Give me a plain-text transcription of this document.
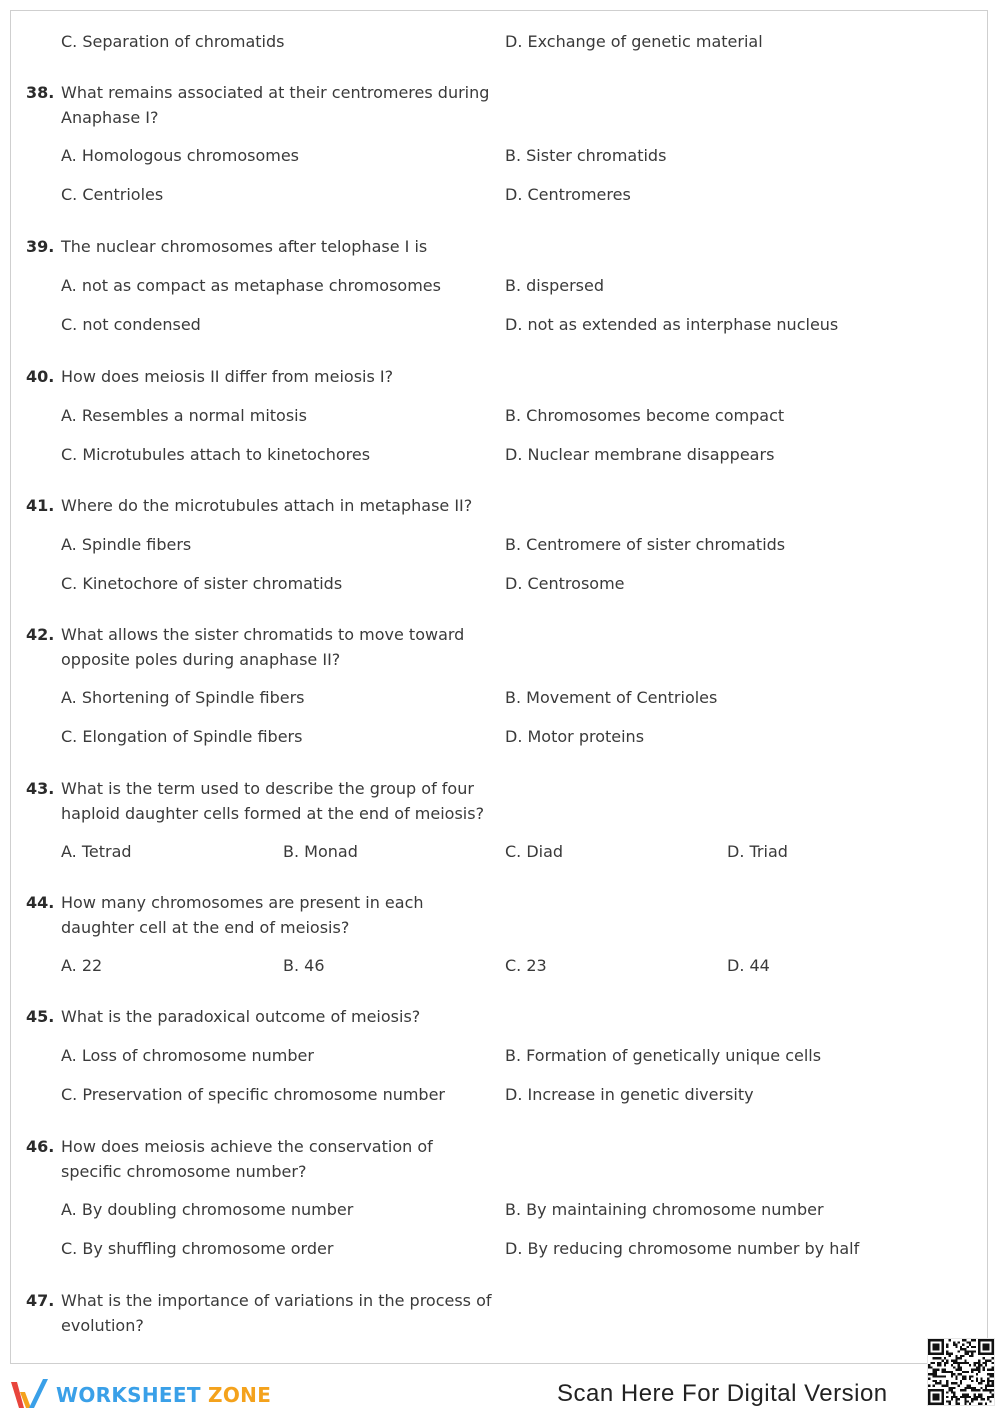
C. Separation of chromatids	D. Exchange of genetic material
38. What remains associated at their centromeres during Anaphase I?
A. Homologous chromosomes	B. Sister chromatids
C. Centrioles	D. Centromeres
39. The nuclear chromosomes after telophase I is
A. not as compact as metaphase chromosomes	B. dispersed
C. not condensed	D. not as extended as interphase nucleus
40. How does meiosis II differ from meiosis I?
A. Resembles a normal mitosis	B. Chromosomes become compact
C. Microtubules attach to kinetochores	D. Nuclear membrane disappears
41. Where do the microtubules attach in metaphase II?
A. Spindle fibers	B. Centromere of sister chromatids
C. Kinetochore of sister chromatids	D. Centrosome
42. What allows the sister chromatids to move toward opposite poles during anaphase II?
A. Shortening of Spindle fibers	B. Movement of Centrioles
C. Elongation of Spindle fibers	D. Motor proteins
43. What is the term used to describe the group of four haploid daughter cells formed at the end of meiosis?
A. Tetrad	B. Monad	C. Diad	D. Triad
44. How many chromosomes are present in each daughter cell at the end of meiosis?
A. 22	B. 46	C. 23	D. 44
45. What is the paradoxical outcome of meiosis?
A. Loss of chromosome number	B. Formation of genetically unique cells
C. Preservation of specific chromosome number	D. Increase in genetic diversity
46. How does meiosis achieve the conservation of specific chromosome number?
A. By doubling chromosome number	B. By maintaining chromosome number
C. By shuffling chromosome order	D. By reducing chromosome number by half
47. What is the importance of variations in the process of evolution?
WORKSHEET ZONE	Scan Here For Digital Version
